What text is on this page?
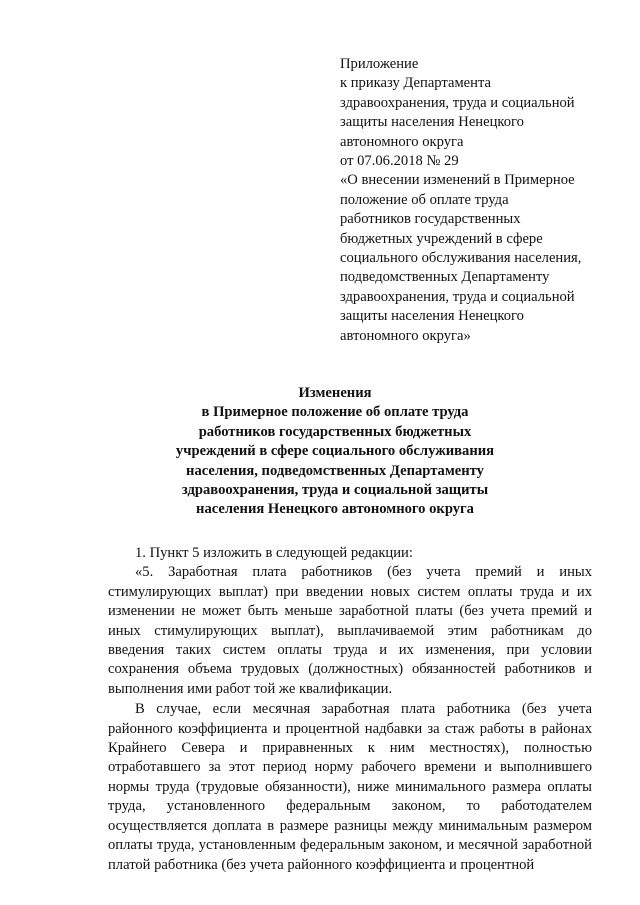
Приложение
к приказу Департамента
здравоохранения, труда и социальной
защиты населения Ненецкого
автономного округа
от 07.06.2018 № 29
«О внесении изменений в Примерное
положение об оплате труда
работников государственных
бюджетных учреждений в сфере
социального обслуживания населения,
подведомственных Департаменту
здравоохранения, труда и социальной
защиты населения Ненецкого
автономного округа»
Изменения
в Примерное положение об оплате труда
работников государственных бюджетных
учреждений в сфере социального обслуживания
населения, подведомственных Департаменту
здравоохранения, труда и социальной защиты
населения Ненецкого автономного округа

1. Пункт 5 изложить в следующей редакции:

«5. Заработная плата работников (без учета премий и иных стимулирующих выплат) при введении новых систем оплаты труда и их изменении не может быть меньше заработной платы (без учета премий и иных стимулирующих выплат), выплачиваемой этим работникам до введения таких систем оплаты труда и их изменения, при условии сохранения объема трудовых (должностных) обязанностей работников и выполнения ими работ той же квалификации.

В случае, если месячная заработная плата работника (без учета районного коэффициента и процентной надбавки за стаж работы в районах Крайнего Севера и приравненных к ним местностях), полностью отработавшего за этот период норму рабочего времени и выполнившего нормы труда (трудовые обязанности), ниже минимального размера оплаты труда, установленного федеральным законом, то работодателем осуществляется доплата в размере разницы между минимальным размером оплаты труда, установленным федеральным законом, и месячной заработной платой работника (без учета районного коэффициента и процентной
